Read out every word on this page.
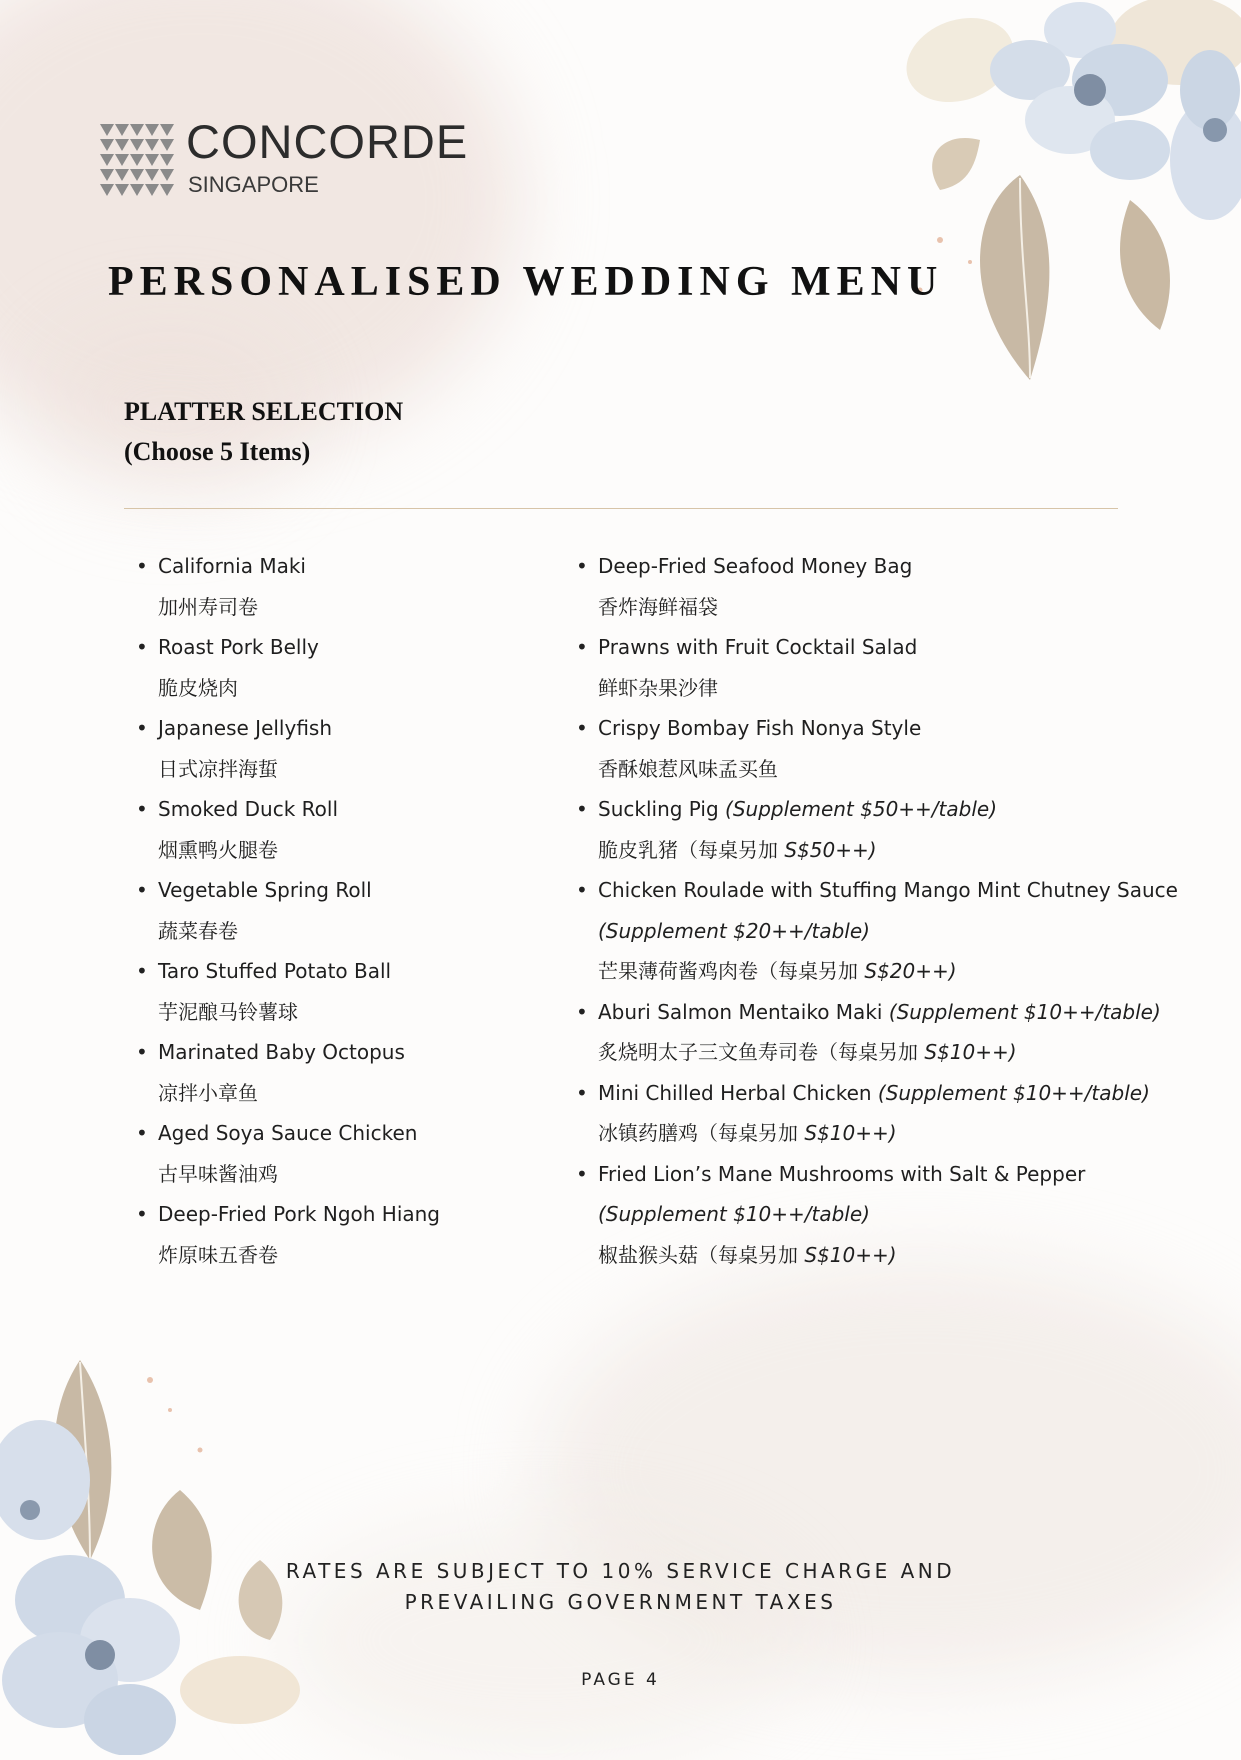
CONCORDE
SINGAPORE
PERSONALISED WEDDING MENU
PLATTER SELECTION
(Choose 5 Items)
• California Maki
加州寿司卷
• Roast Pork Belly
脆皮烧肉
• Japanese Jellyfish
日式凉拌海蜇
• Smoked Duck Roll
烟熏鸭火腿卷
• Vegetable Spring Roll
蔬菜春卷
• Taro Stuffed Potato Ball
芋泥酿马铃薯球
• Marinated Baby Octopus
凉拌小章鱼
• Aged Soya Sauce Chicken
古早味酱油鸡
• Deep-Fried Pork Ngoh Hiang
炸原味五香卷
• Deep-Fried Seafood Money Bag
香炸海鲜福袋
• Prawns with Fruit Cocktail Salad
鲜虾杂果沙律
• Crispy Bombay Fish Nonya Style
香酥娘惹风味孟买鱼
• Suckling Pig (Supplement $50++/table)
脆皮乳猪（每桌另加 S$50++)
• Chicken Roulade with Stuffing Mango Mint Chutney Sauce
(Supplement $20++/table)
芒果薄荷酱鸡肉卷（每桌另加 S$20++)
• Aburi Salmon Mentaiko Maki (Supplement $10++/table)
炙烧明太子三文鱼寿司卷（每桌另加 S$10++)
• Mini Chilled Herbal Chicken (Supplement $10++/table)
冰镇药膳鸡（每桌另加 S$10++)
• Fried Lion’s Mane Mushrooms with Salt & Pepper
(Supplement $10++/table)
椒盐猴头菇（每桌另加 S$10++)
RATES ARE SUBJECT TO 10% SERVICE CHARGE AND
PREVAILING GOVERNMENT TAXES
PAGE 4
